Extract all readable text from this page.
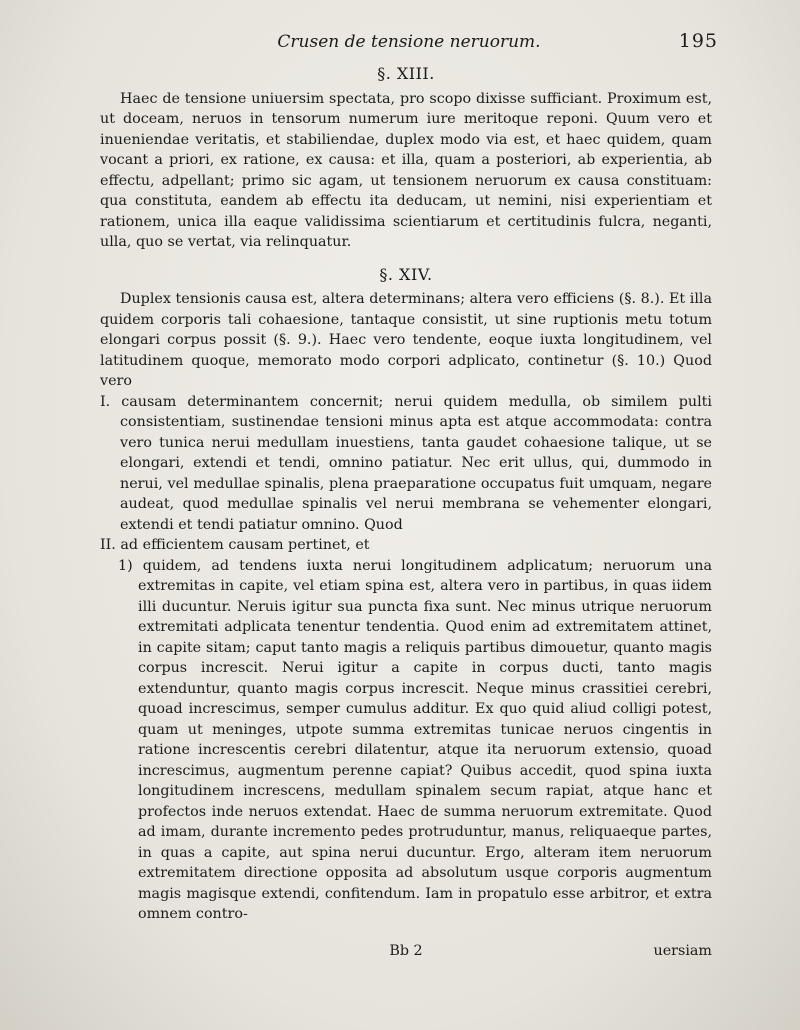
Crusen de tensione neruorum.	195
§. XIII.

Haec de tensione uniuersim spectata, pro scopo dixisse sufficiant. Proximum est, ut doceam, neruos in tensorum numerum iure meritoque reponi. Quum vero et inueniendae veritatis, et stabiliendae, duplex modo via est, et haec quidem, quam vocant a priori, ex ratione, ex causa: et illa, quam a posteriori, ab experientia, ab effectu, adpellant; primo sic agam, ut tensionem neruorum ex causa constituam: qua constituta, eandem ab effectu ita deducam, ut nemini, nisi experientiam et rationem, unica illa eaque validissima scientiarum et certitudinis fulcra, neganti, ulla, quo se vertat, via relinquatur.

§. XIV.

Duplex tensionis causa est, altera determinans; altera vero efficiens (§. 8.). Et illa quidem corporis tali cohaesione, tantaque consistit, ut sine ruptionis metu totum elongari corpus possit (§. 9.). Haec vero tendente, eoque iuxta longitudinem, vel latitudinem quoque, memorato modo corpori adplicato, continetur (§. 10.) Quod vero

I. causam determinantem concernit; nerui quidem medulla, ob similem pulti consistentiam, sustinendae tensioni minus apta est atque accommodata: contra vero tunica nerui medullam inuestiens, tanta gaudet cohaesione talique, ut se elongari, extendi et tendi, omnino patiatur. Nec erit ullus, qui, dummodo in nerui, vel medullae spinalis, plena praeparatione occupatus fuit umquam, negare audeat, quod medullae spinalis vel nerui membrana se vehementer elongari, extendi et tendi patiatur omnino. Quod

II. ad efficientem causam pertinet, et

1) quidem, ad tendens iuxta nerui longitudinem adplicatum; neruorum una extremitas in capite, vel etiam spina est, altera vero in partibus, in quas iidem illi ducuntur. Neruis igitur sua puncta fixa sunt. Nec minus utrique neruorum extremitati adplicata tenentur tendentia. Quod enim ad extremitatem attinet, in capite sitam; caput tanto magis a reliquis partibus dimouetur, quanto magis corpus increscit. Nerui igitur a capite in corpus ducti, tanto magis extenduntur, quanto magis corpus increscit. Neque minus crassitiei cerebri, quoad increscimus, semper cumulus additur. Ex quo quid aliud colligi potest, quam ut meninges, utpote summa extremitas tunicae neruos cingentis in ratione increscentis cerebri dilatentur, atque ita neruorum extensio, quoad increscimus, augmentum perenne capiat? Quibus accedit, quod spina iuxta longitudinem increscens, medullam spinalem secum rapiat, atque hanc et profectos inde neruos extendat. Haec de summa neruorum extremitate. Quod ad imam, durante incremento pedes protruduntur, manus, reliquaeque partes, in quas a capite, aut spina nerui ducuntur. Ergo, alteram item neruorum extremitatem directione opposita ad absolutum usque corporis augmentum magis magisque extendi, confitendum. Iam in propatulo esse arbitror, et extra omnem contro-

Bb 2	uersiam
